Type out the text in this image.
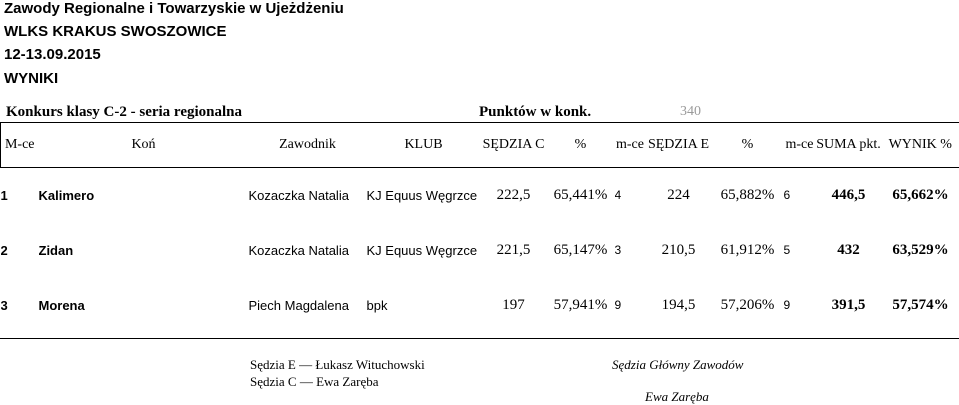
Zawody Regionalne i Towarzyskie w Ujeżdżeniu
WLKS KRAKUS SWOSZOWICE
12-13.09.2015
WYNIKI
Konkurs klasy C-2 - seria regionalna	Punktów w konk.	340
M-ce	Koń	Zawodnik	KLUB	SĘDZIA C	%	m-ce	SĘDZIA E	%	m-ce	SUMA pkt.	WYNIK %
1	Kalimero	Kozaczka Natalia	KJ Equus Węgrzce	222,5	65,441%	4	224	65,882%	6	446,5	65,662%
2	Zidan	Kozaczka Natalia	KJ Equus Węgrzce	221,5	65,147%	3	210,5	61,912%	5	432	63,529%
3	Morena	Piech Magdalena	bpk	197	57,941%	9	194,5	57,206%	9	391,5	57,574%
Sędzia E — Łukasz Wituchowski
Sędzia C — Ewa Zaręba
Sędzia Główny Zawodów
Ewa Zaręba
